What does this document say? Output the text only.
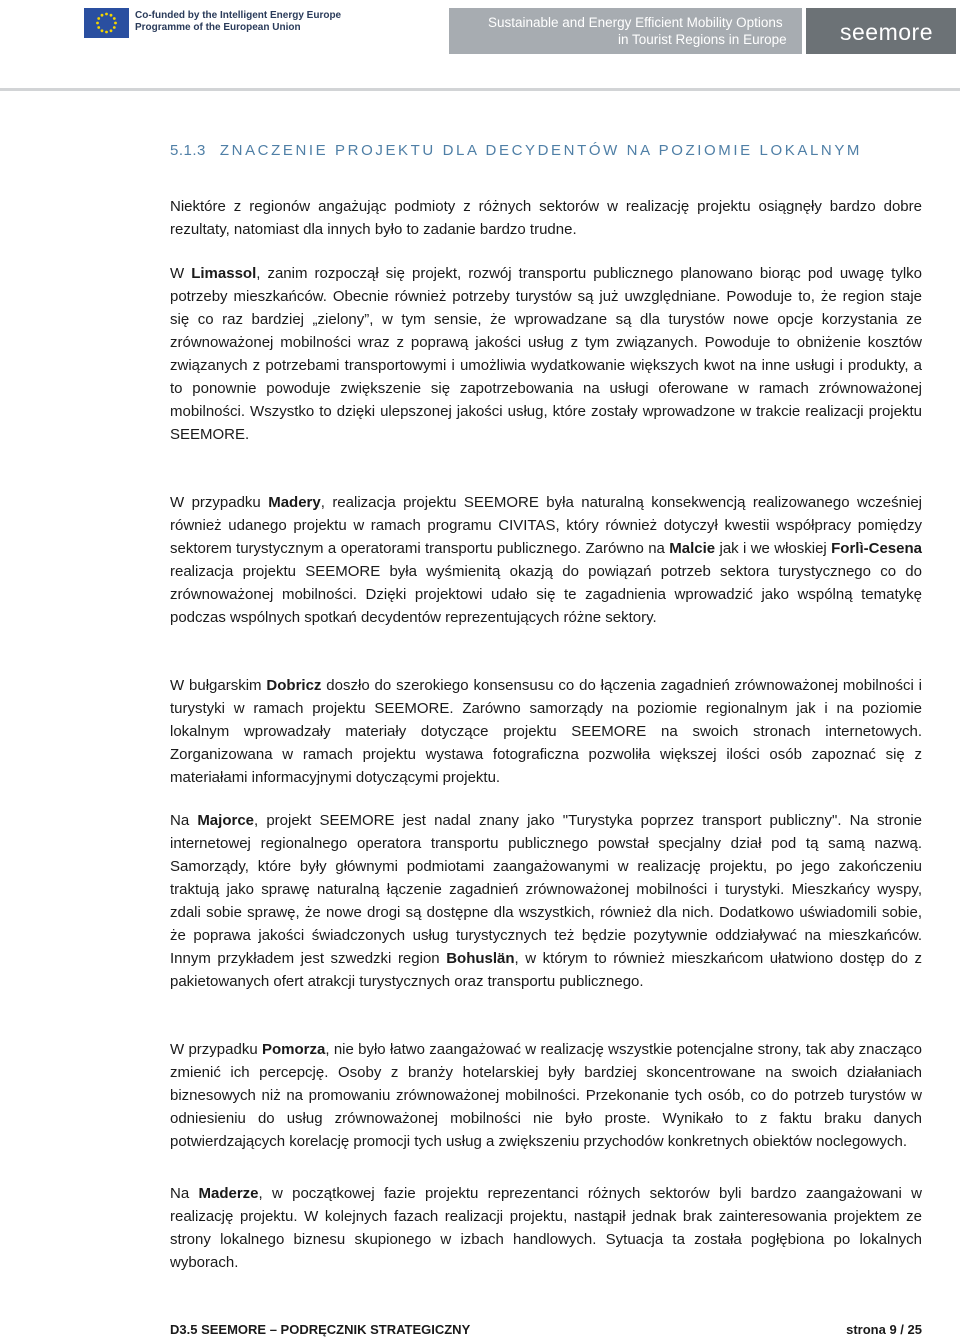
Co-funded by the Intelligent Energy Europe
Programme of the European Union	Sustainable and Energy Efficient Mobility Options
in Tourist Regions in Europe seemore
5.1.3 ZNACZENIE PROJEKTU DLA DECYDENTÓW NA POZIOMIE LOKALNYM

Niektóre z regionów angażując podmioty z różnych sektorów w realizację projektu osiągnęły bardzo dobre rezultaty, natomiast dla innych było to zadanie bardzo trudne.

W Limassol, zanim rozpoczął się projekt, rozwój transportu publicznego planowano biorąc pod uwagę tylko potrzeby mieszkańców. Obecnie również potrzeby turystów są już uwzględniane. Powoduje to, że region staje się co raz bardziej „zielony”, w tym sensie, że wprowadzane są dla turystów nowe opcje korzystania ze zrównoważonej mobilności wraz z poprawą jakości usług z tym związanych. Powoduje to obniżenie kosztów związanych z potrzebami transportowymi i umożliwia wydatkowanie większych kwot na inne usługi i produkty, a to ponownie powoduje zwiększenie się zapotrzebowania na usługi oferowane w ramach zrównoważonej mobilności. Wszystko to dzięki ulepszonej jakości usług, które zostały wprowadzone w trakcie realizacji projektu SEEMORE.

W przypadku Madery, realizacja projektu SEEMORE była naturalną konsekwencją realizowanego wcześniej również udanego projektu w ramach programu CIVITAS, który również dotyczył kwestii współpracy pomiędzy sektorem turystycznym a operatorami transportu publicznego. Zarówno na Malcie jak i we włoskiej Forlì-Cesena realizacja projektu SEEMORE była wyśmienitą okazją do powiązań potrzeb sektora turystycznego co do zrównoważonej mobilności. Dzięki projektowi udało się te zagadnienia wprowadzić jako wspólną tematykę podczas wspólnych spotkań decydentów reprezentujących różne sektory.

W bułgarskim Dobricz doszło do szerokiego konsensusu co do łączenia zagadnień zrównoważonej mobilności i turystyki w ramach projektu SEEMORE. Zarówno samorządy na poziomie regionalnym jak i na poziomie lokalnym wprowadzały materiały dotyczące projektu SEEMORE na swoich stronach internetowych. Zorganizowana w ramach projektu wystawa fotograficzna pozwoliła większej ilości osób zapoznać się z materiałami informacyjnymi dotyczącymi projektu.

Na Majorce, projekt SEEMORE jest nadal znany jako "Turystyka poprzez transport publiczny". Na stronie internetowej regionalnego operatora transportu publicznego powstał specjalny dział pod tą samą nazwą. Samorządy, które były głównymi podmiotami zaangażowanymi w realizację projektu, po jego zakończeniu traktują jako sprawę naturalną łączenie zagadnień zrównoważonej mobilności i turystyki. Mieszkańcy wyspy, zdali sobie sprawę, że nowe drogi są dostępne dla wszystkich, również dla nich. Dodatkowo uświadomili sobie, że poprawa jakości świadczonych usług turystycznych też będzie pozytywnie oddziaływać na mieszkańców. Innym przykładem jest szwedzki region Bohuslän, w którym to również mieszkańcom ułatwiono dostęp do z pakietowanych ofert atrakcji turystycznych oraz transportu publicznego.

W przypadku Pomorza, nie było łatwo zaangażować w realizację wszystkie potencjalne strony, tak aby znacząco zmienić ich percepcję. Osoby z branży hotelarskiej były bardziej skoncentrowane na swoich działaniach biznesowych niż na promowaniu zrównoważonej mobilności. Przekonanie tych osób, co do potrzeb turystów w odniesieniu do usług zrównoważonej mobilności nie było proste. Wynikało to z faktu braku danych potwierdzających korelację promocji tych usług a zwiększeniu przychodów konkretnych obiektów noclegowych.

Na Maderze, w początkowej fazie projektu reprezentanci różnych sektorów byli bardzo zaangażowani w realizację projektu. W kolejnych fazach realizacji projektu, nastąpił jednak brak zainteresowania projektem ze strony lokalnego biznesu skupionego w izbach handlowych. Sytuacja ta została pogłębiona po lokalnych wyborach.

D3.5 SEEMORE – PODRĘCZNIK STRATEGICZNY	strona 9 / 25
